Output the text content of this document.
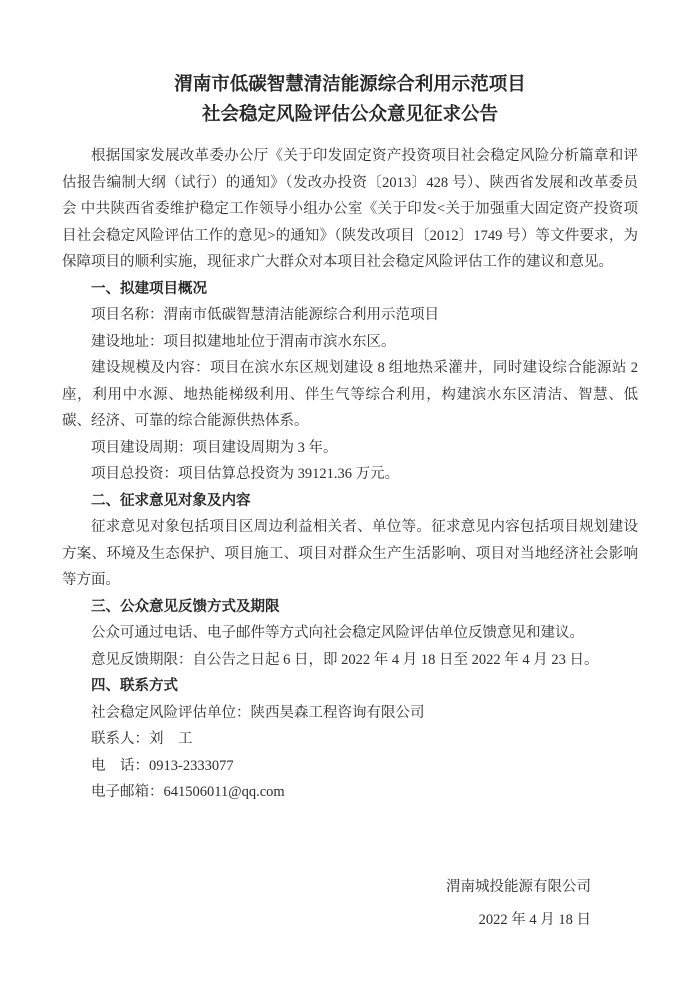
渭南市低碳智慧清洁能源综合利用示范项目
社会稳定风险评估公众意见征求公告

根据国家发展改革委办公厅《关于印发固定资产投资项目社会稳定风险分析篇章和评估报告编制大纲（试行）的通知》（发改办投资〔2013〕428 号）、陕西省发展和改革委员会 中共陕西省委维护稳定工作领导小组办公室《关于印发<关于加强重大固定资产投资项目社会稳定风险评估工作的意见>的通知》（陕发改项目〔2012〕1749 号）等文件要求，为保障项目的顺利实施，现征求广大群众对本项目社会稳定风险评估工作的建议和意见。

一、拟建项目概况

项目名称：渭南市低碳智慧清洁能源综合利用示范项目

建设地址：项目拟建地址位于渭南市滨水东区。

建设规模及内容：项目在滨水东区规划建设 8 组地热采灌井，同时建设综合能源站 2 座，利用中水源、地热能梯级利用、伴生气等综合利用，构建滨水东区清洁、智慧、低碳、经济、可靠的综合能源供热体系。

项目建设周期：项目建设周期为 3 年。

项目总投资：项目估算总投资为 39121.36 万元。

二、征求意见对象及内容

征求意见对象包括项目区周边利益相关者、单位等。征求意见内容包括项目规划建设方案、环境及生态保护、项目施工、项目对群众生产生活影响、项目对当地经济社会影响等方面。

三、公众意见反馈方式及期限

公众可通过电话、电子邮件等方式向社会稳定风险评估单位反馈意见和建议。

意见反馈期限：自公告之日起 6 日，即 2022 年 4 月 18 日至 2022 年 4 月 23 日。

四、联系方式

社会稳定风险评估单位：陕西昊森工程咨询有限公司

联系人：刘　工

电　话：0913-2333077

电子邮箱：641506011@qq.com

渭南城投能源有限公司
2022 年 4 月 18 日
